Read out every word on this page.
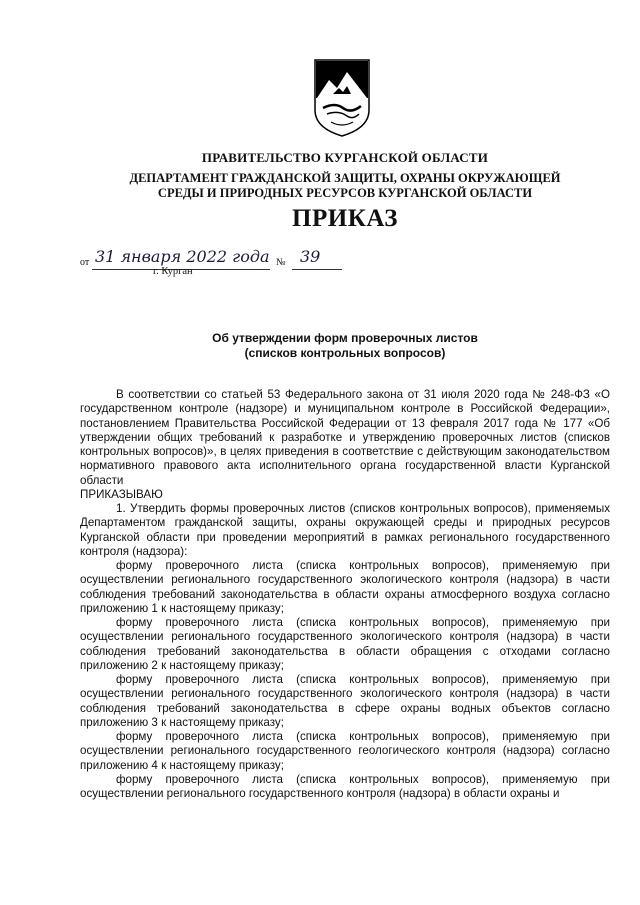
ПРАВИТЕЛЬСТВО КУРГАНСКОЙ ОБЛАСТИ
ДЕПАРТАМЕНТ ГРАЖДАНСКОЙ ЗАЩИТЫ, ОХРАНЫ ОКРУЖАЮЩЕЙ СРЕДЫ И ПРИРОДНЫХ РЕСУРСОВ КУРГАНСКОЙ ОБЛАСТИ
ПРИКАЗ
от 31 января 2022 года № 39
г. Курган
Об утверждении форм проверочных листов
(списков контрольных вопросов)

В соответствии со статьей 53 Федерального закона от 31 июля 2020 года № 248-ФЗ «О государственном контроле (надзоре) и муниципальном контроле в Российской Федерации», постановлением Правительства Российской Федерации от 13 февраля 2017 года № 177 «Об утверждении общих требований к разработке и утверждению проверочных листов (списков контрольных вопросов)», в целях приведения в соответствие с действующим законодательством нормативного правового акта исполнительного органа государственной власти Курганской области

ПРИКАЗЫВАЮ

1. Утвердить формы проверочных листов (списков контрольных вопросов), применяемых Департаментом гражданской защиты, охраны окружающей среды и природных ресурсов Курганской области при проведении мероприятий в рамках регионального государственного контроля (надзора):

форму проверочного листа (списка контрольных вопросов), применяемую при осуществлении регионального государственного экологического контроля (надзора) в части соблюдения требований законодательства в области охраны атмосферного воздуха согласно приложению 1 к настоящему приказу;

форму проверочного листа (списка контрольных вопросов), применяемую при осуществлении регионального государственного экологического контроля (надзора) в части соблюдения требований законодательства в области обращения с отходами согласно приложению 2 к настоящему приказу;

форму проверочного листа (списка контрольных вопросов), применяемую при осуществлении регионального государственного экологического контроля (надзора) в части соблюдения требований законодательства в сфере охраны водных объектов согласно приложению 3 к настоящему приказу;

форму проверочного листа (списка контрольных вопросов), применяемую при осуществлении регионального государственного геологического контроля (надзора) согласно приложению 4 к настоящему приказу;

форму проверочного листа (списка контрольных вопросов), применяемую при осуществлении регионального государственного контроля (надзора) в области охраны и
